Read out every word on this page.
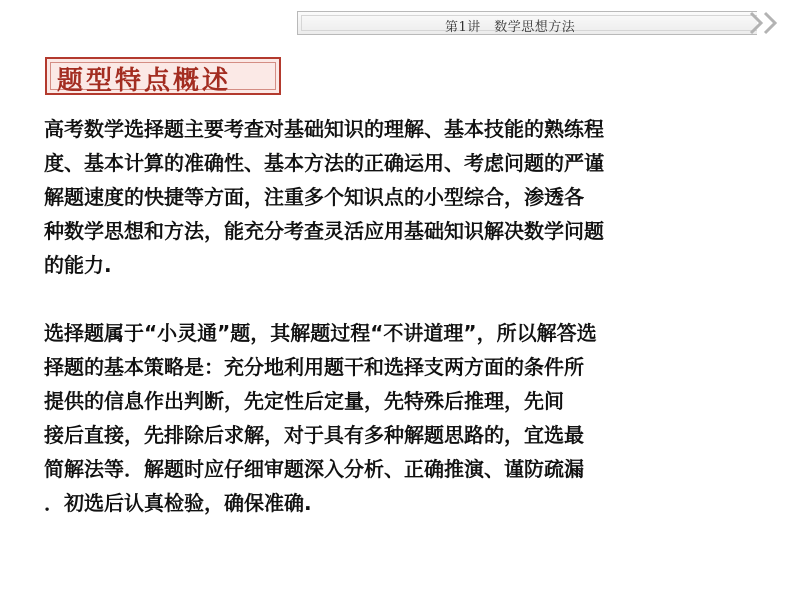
第1讲　数学思想方法
题型特点概述
高考数学选择题主要考查对基础知识的理解、基本技能的熟练程
度、基本计算的准确性、基本方法的正确运用、考虑问题的严谨
解题速度的快捷等方面，注重多个知识点的小型综合，渗透各
种数学思想和方法，能充分考查灵活应用基础知识解决数学问题
的能力.
选择题属于“小灵通”题，其解题过程“不讲道理”，所以解答选
择题的基本策略是：充分地利用题干和选择支两方面的条件所
提供的信息作出判断，先定性后定量，先特殊后推理，先间
接后直接，先排除后求解，对于具有多种解题思路的，宜选最
简解法等．解题时应仔细审题深入分析、正确推演、谨防疏漏
．初选后认真检验，确保准确.
